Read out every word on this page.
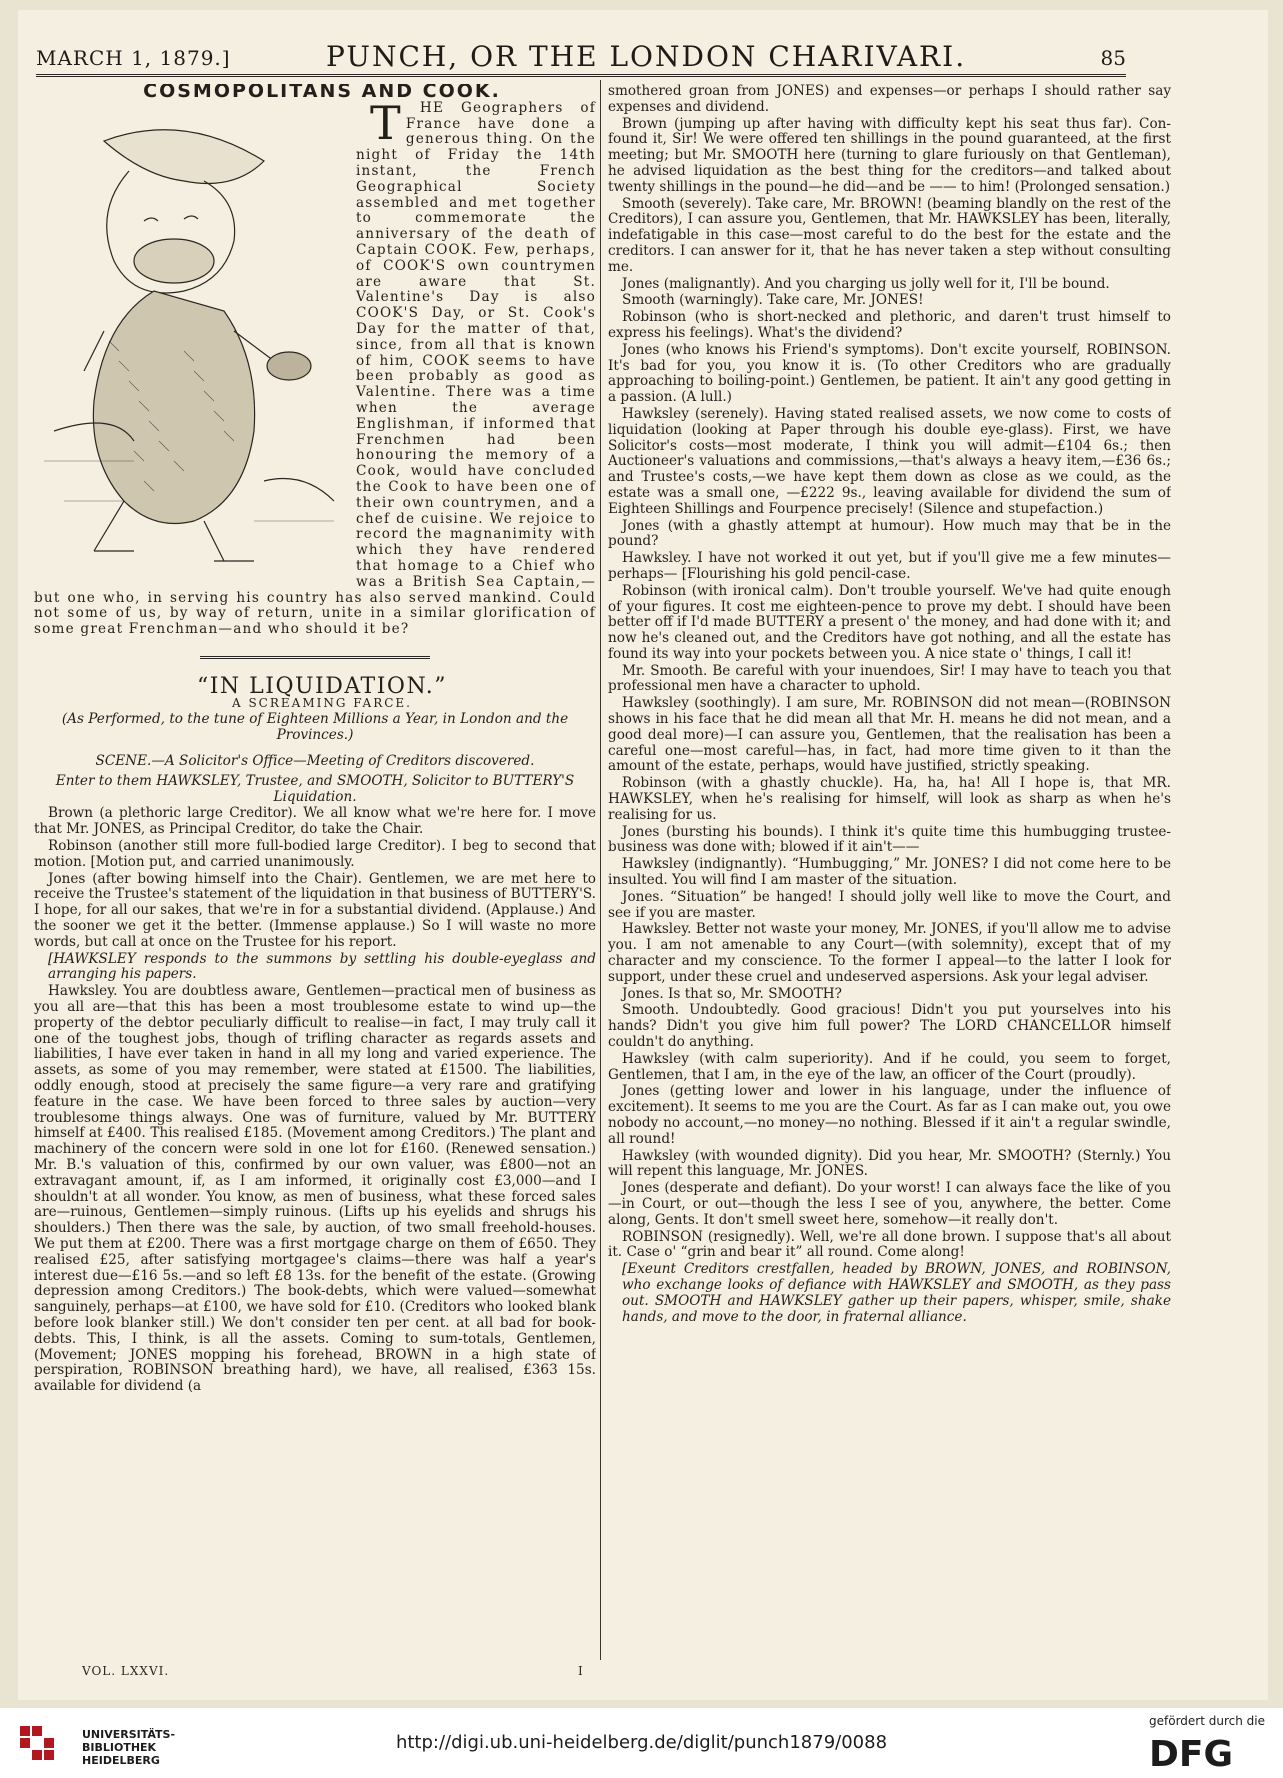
MARCH 1, 1879.]	PUNCH, OR THE LONDON CHARIVARI.	85

COSMOPOLITANS AND COOK.

T HE Geographers of France have done a generous thing. On the night of Friday the 14th instant, the French Geographical Society assembled and met together to commemorate the anniversary of the death of Captain COOK. Few, perhaps, of COOK'S own countrymen are aware that St. Valentine's Day is also COOK'S Day, or St. Cook's Day for the matter of that, since, from all that is known of him, COOK seems to have been probably as good as Valentine. There was a time when the average Englishman, if informed that Frenchmen had been honouring the memory of a Cook, would have concluded the Cook to have been one of their own countrymen, and a chef de cuisine. We rejoice to record the magnanimity with which they have rendered that homage to a Chief who was a British Sea Captain,—but one who, in serving his country has also served mankind. Could not some of us, by way of return, unite in a similar glorification of some great Frenchman—and who should it be?

“IN LIQUIDATION.”

A SCREAMING FARCE.

(As Performed, to the tune of Eighteen Millions a Year, in London and the Provinces.)

SCENE.—A Solicitor's Office—Meeting of Creditors discovered.

Enter to them HAWKSLEY, Trustee, and SMOOTH, Solicitor to BUTTERY'S Liquidation.

Brown (a plethoric large Creditor). We all know what we're here for. I move that Mr. JONES, as Principal Creditor, do take the Chair.

Robinson (another still more full-bodied large Creditor). I beg to second that motion. [Motion put, and carried unanimously.

Jones (after bowing himself into the Chair). Gentlemen, we are met here to receive the Trustee's statement of the liquidation in that business of BUTTERY'S. I hope, for all our sakes, that we're in for a substantial dividend. (Applause.) And the sooner we get it the better. (Immense applause.) So I will waste no more words, but call at once on the Trustee for his report.

[HAWKSLEY responds to the summons by settling his double-eyeglass and arranging his papers.

Hawksley. You are doubtless aware, Gentlemen—practical men of business as you all are—that this has been a most troublesome estate to wind up—the property of the debtor peculiarly difficult to realise—in fact, I may truly call it one of the toughest jobs, though of trifling character as regards assets and liabilities, I have ever taken in hand in all my long and varied experience. The assets, as some of you may remember, were stated at £1500. The liabilities, oddly enough, stood at precisely the same figure—a very rare and gratifying feature in the case. We have been forced to three sales by auction—very troublesome things always. One was of furniture, valued by Mr. BUTTERY himself at £400. This realised £185. (Movement among Creditors.) The plant and machinery of the concern were sold in one lot for £160. (Renewed sensation.) Mr. B.'s valuation of this, confirmed by our own valuer, was £800—not an extravagant amount, if, as I am informed, it originally cost £3,000—and I shouldn't at all wonder. You know, as men of business, what these forced sales are—ruinous, Gentlemen—simply ruinous. (Lifts up his eyelids and shrugs his shoulders.) Then there was the sale, by auction, of two small freehold-houses. We put them at £200. There was a first mortgage charge on them of £650. They realised £25, after satisfying mortgagee's claims—there was half a year's interest due—£16 5s.—and so left £8 13s. for the benefit of the estate. (Growing depression among Creditors.) The book-debts, which were valued—somewhat sanguinely, perhaps—at £100, we have sold for £10. (Creditors who looked blank before look blanker still.) We don't consider ten per cent. at all bad for book-debts. This, I think, is all the assets. Coming to sum-totals, Gentlemen, (Movement; JONES mopping his forehead, BROWN in a high state of perspiration, ROBINSON breathing hard), we have, all realised, £363 15s. available for dividend (a

smothered groan from JONES) and expenses—or perhaps I should rather say expenses and dividend.

Brown (jumping up after having with difficulty kept his seat thus far). Con-found it, Sir! We were offered ten shillings in the pound guaranteed, at the first meeting; but Mr. SMOOTH here (turning to glare furiously on that Gentleman), he advised liquidation as the best thing for the creditors—and talked about twenty shillings in the pound—he did—and be —— to him! (Prolonged sensation.)

Smooth (severely). Take care, Mr. BROWN! (beaming blandly on the rest of the Creditors), I can assure you, Gentlemen, that Mr. HAWKSLEY has been, literally, indefatigable in this case—most careful to do the best for the estate and the creditors. I can answer for it, that he has never taken a step without consulting me.

Jones (malignantly). And you charging us jolly well for it, I'll be bound.

Smooth (warningly). Take care, Mr. JONES!

Robinson (who is short-necked and plethoric, and daren't trust himself to express his feelings). What's the dividend?

Jones (who knows his Friend's symptoms). Don't excite yourself, ROBINSON. It's bad for you, you know it is. (To other Creditors who are gradually approaching to boiling-point.) Gentlemen, be patient. It ain't any good getting in a passion. (A lull.)

Hawksley (serenely). Having stated realised assets, we now come to costs of liquidation (looking at Paper through his double eye-glass). First, we have Solicitor's costs—most moderate, I think you will admit—£104 6s.; then Auctioneer's valuations and commissions,—that's always a heavy item,—£36 6s.; and Trustee's costs,—we have kept them down as close as we could, as the estate was a small one, —£222 9s., leaving available for dividend the sum of Eighteen Shillings and Fourpence precisely! (Silence and stupefaction.)

Jones (with a ghastly attempt at humour). How much may that be in the pound?

Hawksley. I have not worked it out yet, but if you'll give me a few minutes—perhaps— [Flourishing his gold pencil-case.

Robinson (with ironical calm). Don't trouble yourself. We've had quite enough of your figures. It cost me eighteen-pence to prove my debt. I should have been better off if I'd made BUTTERY a present o' the money, and had done with it; and now he's cleaned out, and the Creditors have got nothing, and all the estate has found its way into your pockets between you. A nice state o' things, I call it!

Mr. Smooth. Be careful with your inuendoes, Sir! I may have to teach you that professional men have a character to uphold.

Hawksley (soothingly). I am sure, Mr. ROBINSON did not mean—(ROBINSON shows in his face that he did mean all that Mr. H. means he did not mean, and a good deal more)—I can assure you, Gentlemen, that the realisation has been a careful one—most careful—has, in fact, had more time given to it than the amount of the estate, perhaps, would have justified, strictly speaking.

Robinson (with a ghastly chuckle). Ha, ha, ha! All I hope is, that MR. HAWKSLEY, when he's realising for himself, will look as sharp as when he's realising for us.

Jones (bursting his bounds). I think it's quite time this humbugging trustee-business was done with; blowed if it ain't——

Hawksley (indignantly). “Humbugging,” Mr. JONES? I did not come here to be insulted. You will find I am master of the situation.

Jones. “Situation” be hanged! I should jolly well like to move the Court, and see if you are master.

Hawksley. Better not waste your money, Mr. JONES, if you'll allow me to advise you. I am not amenable to any Court—(with solemnity), except that of my character and my conscience. To the former I appeal—to the latter I look for support, under these cruel and undeserved aspersions. Ask your legal adviser.

Jones. Is that so, Mr. SMOOTH?

Smooth. Undoubtedly. Good gracious! Didn't you put yourselves into his hands? Didn't you give him full power? The LORD CHANCELLOR himself couldn't do anything.

Hawksley (with calm superiority). And if he could, you seem to forget, Gentlemen, that I am, in the eye of the law, an officer of the Court (proudly).

Jones (getting lower and lower in his language, under the influence of excitement). It seems to me you are the Court. As far as I can make out, you owe nobody no account,—no money—no nothing. Blessed if it ain't a regular swindle, all round!

Hawksley (with wounded dignity). Did you hear, Mr. SMOOTH? (Sternly.) You will repent this language, Mr. JONES.

Jones (desperate and defiant). Do your worst! I can always face the like of you—in Court, or out—though the less I see of you, anywhere, the better. Come along, Gents. It don't smell sweet here, somehow—it really don't.

ROBINSON (resignedly). Well, we're all done brown. I suppose that's all about it. Case o' “grin and bear it” all round. Come along!

[Exeunt Creditors crestfallen, headed by BROWN, JONES, and ROBINSON, who exchange looks of defiance with HAWKSLEY and SMOOTH, as they pass out. SMOOTH and HAWKSLEY gather up their papers, whisper, smile, shake hands, and move to the door, in fraternal alliance.

VOL. LXXVI.	I
UNIVERSITÄTS-
BIBLIOTHEK
HEIDELBERG
http://digi.ub.uni-heidelberg.de/diglit/punch1879/0088
gefördert durch die
DFG
